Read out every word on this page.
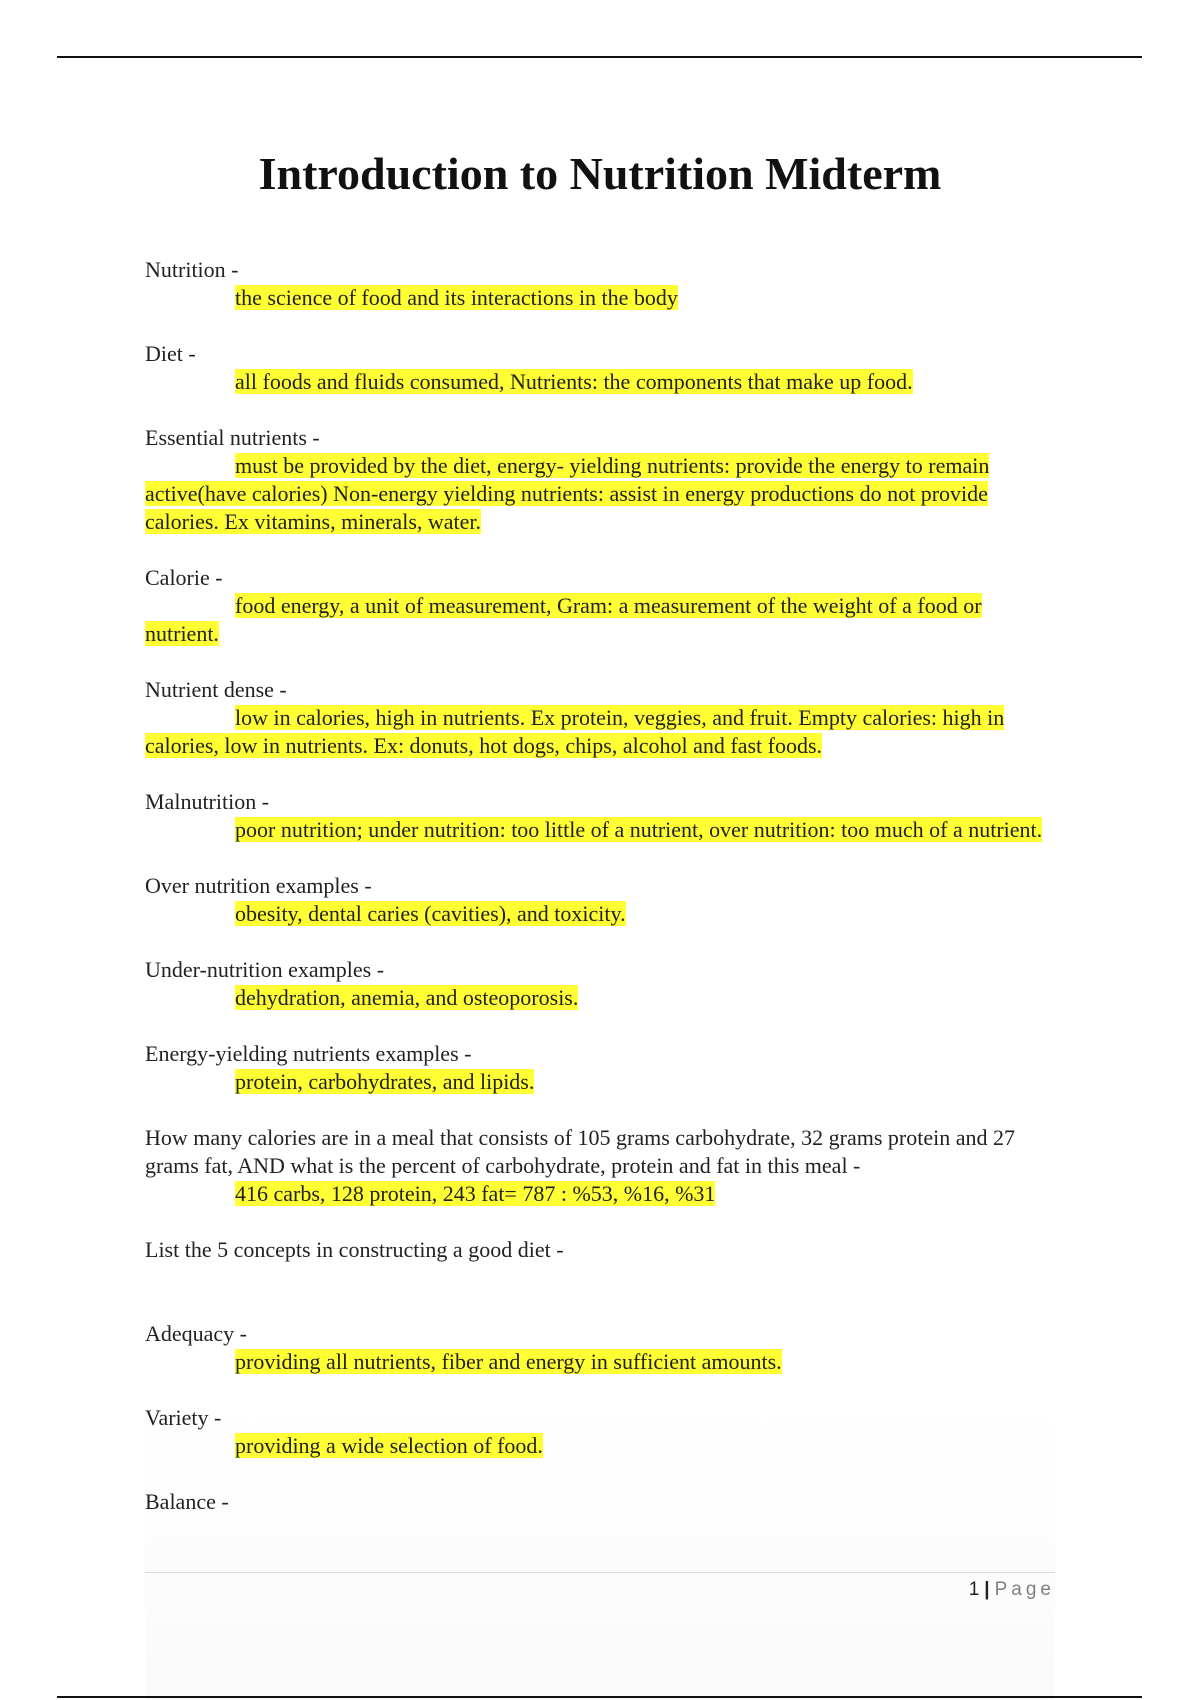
Introduction to Nutrition Midterm
Nutrition -

the science of food and its interactions in the body

Diet -

all foods and fluids consumed, Nutrients: the components that make up food.

Essential nutrients -

must be provided by the diet, energy- yielding nutrients: provide the energy to remain active(have calories) Non-energy yielding nutrients: assist in energy productions do not provide calories. Ex vitamins, minerals, water.

Calorie -

food energy, a unit of measurement, Gram: a measurement of the weight of a food or nutrient.

Nutrient dense -

low in calories, high in nutrients. Ex protein, veggies, and fruit. Empty calories: high in calories, low in nutrients. Ex: donuts, hot dogs, chips, alcohol and fast foods.

Malnutrition -

poor nutrition; under nutrition: too little of a nutrient, over nutrition: too much of a nutrient.

Over nutrition examples -

obesity, dental caries (cavities), and toxicity.

Under-nutrition examples -

dehydration, anemia, and osteoporosis.

Energy-yielding nutrients examples -

protein, carbohydrates, and lipids.

How many calories are in a meal that consists of 105 grams carbohydrate, 32 grams protein and 27 grams fat, AND what is the percent of carbohydrate, protein and fat in this meal -

416 carbs, 128 protein, 243 fat= 787 : %53, %16, %31

List the 5 concepts in constructing a good diet -
Adequacy -

providing all nutrients, fiber and energy in sufficient amounts.

Variety -

providing a wide selection of food.

Balance -
1 | Page
